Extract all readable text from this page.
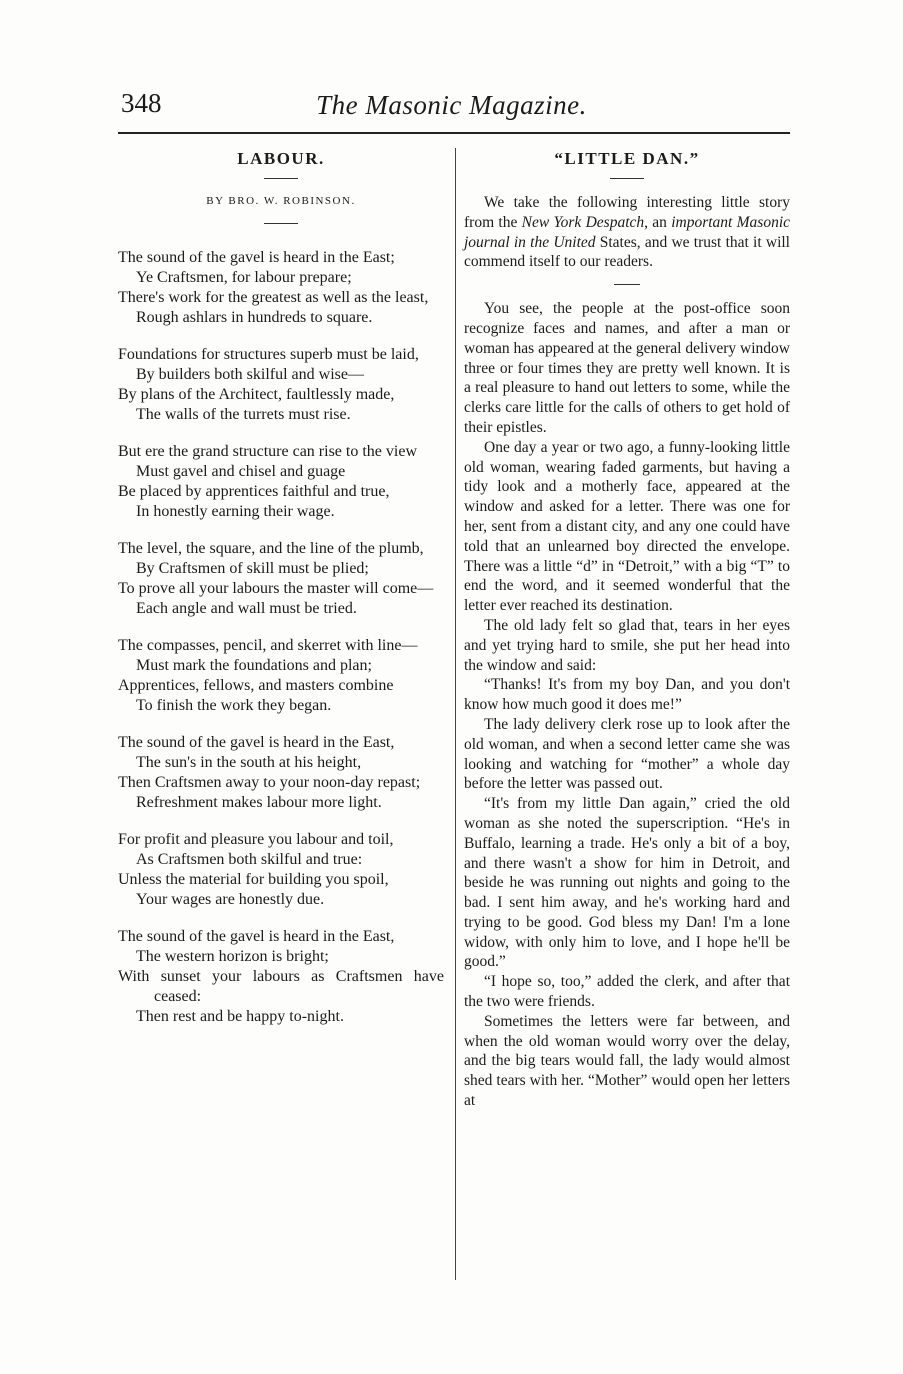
348	The Masonic Magazine.
LABOUR.
BY BRO. W. ROBINSON.
The sound of the gavel is heard in the East;
Ye Craftsmen, for labour prepare;
There's work for the greatest as well as the least,
Rough ashlars in hundreds to square.
Foundations for structures superb must be laid,
By builders both skilful and wise—
By plans of the Architect, faultlessly made,
The walls of the turrets must rise.
But ere the grand structure can rise to the view
Must gavel and chisel and guage
Be placed by apprentices faithful and true,
In honestly earning their wage.
The level, the square, and the line of the plumb,
By Craftsmen of skill must be plied;
To prove all your labours the master will come—
Each angle and wall must be tried.
The compasses, pencil, and skerret with line—
Must mark the foundations and plan;
Apprentices, fellows, and masters combine
To finish the work they began.
The sound of the gavel is heard in the East,
The sun's in the south at his height,
Then Craftsmen away to your noon-day repast;
Refreshment makes labour more light.
For profit and pleasure you labour and toil,
As Craftsmen both skilful and true:
Unless the material for building you spoil,
Your wages are honestly due.
The sound of the gavel is heard in the East,
The western horizon is bright;
With sunset your labours as Craftsmen have ceased:
Then rest and be happy to-night.
“LITTLE DAN.”

We take the following interesting little story from the New York Despatch, an important Masonic journal in the United States, and we trust that it will commend itself to our readers.

You see, the people at the post-office soon recognize faces and names, and after a man or woman has appeared at the general delivery window three or four times they are pretty well known. It is a real pleasure to hand out letters to some, while the clerks care little for the calls of others to get hold of their epistles.

One day a year or two ago, a funny-looking little old woman, wearing faded garments, but having a tidy look and a motherly face, appeared at the window and asked for a letter. There was one for her, sent from a distant city, and any one could have told that an unlearned boy directed the envelope. There was a little “d” in “Detroit,” with a big “T” to end the word, and it seemed wonderful that the letter ever reached its destination.

The old lady felt so glad that, tears in her eyes and yet trying hard to smile, she put her head into the window and said:

“Thanks! It's from my boy Dan, and you don't know how much good it does me!”

The lady delivery clerk rose up to look after the old woman, and when a second letter came she was looking and watching for “mother” a whole day before the letter was passed out.

“It's from my little Dan again,” cried the old woman as she noted the superscription. “He's in Buffalo, learning a trade. He's only a bit of a boy, and there wasn't a show for him in Detroit, and beside he was running out nights and going to the bad. I sent him away, and he's working hard and trying to be good. God bless my Dan! I'm a lone widow, with only him to love, and I hope he'll be good.”

“I hope so, too,” added the clerk, and after that the two were friends.

Sometimes the letters were far between, and when the old woman would worry over the delay, and the big tears would fall, the lady would almost shed tears with her. “Mother” would open her letters at
